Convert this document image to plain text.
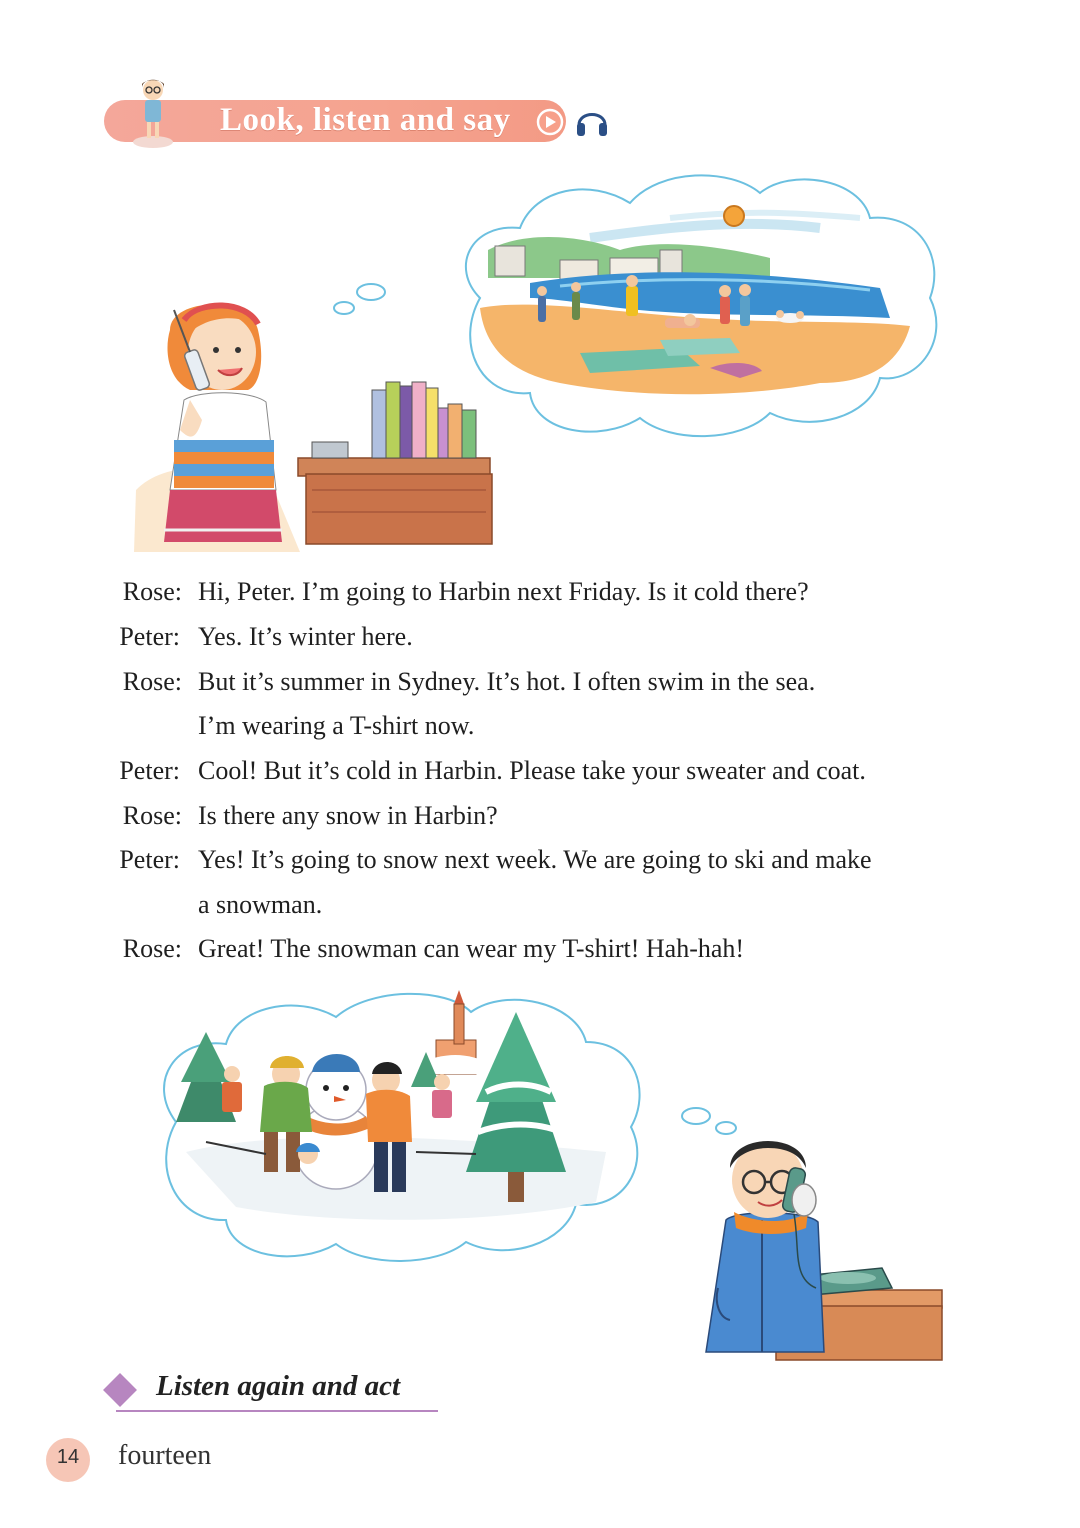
Look, listen and say
Rose: Hi, Peter. I’m going to Harbin next Friday. Is it cold there?
Peter: Yes. It’s winter here.
Rose: But it’s summer in Sydney. It’s hot. I often swim in the sea.
I’m wearing a T-shirt now.
Peter: Cool! But it’s cold in Harbin. Please take your sweater and coat.
Rose: Is there any snow in Harbin?
Peter: Yes! It’s going to snow next week. We are going to ski and make
a snowman.
Rose: Great! The snowman can wear my T-shirt! Hah-hah!
Listen again and act
14	fourteen
